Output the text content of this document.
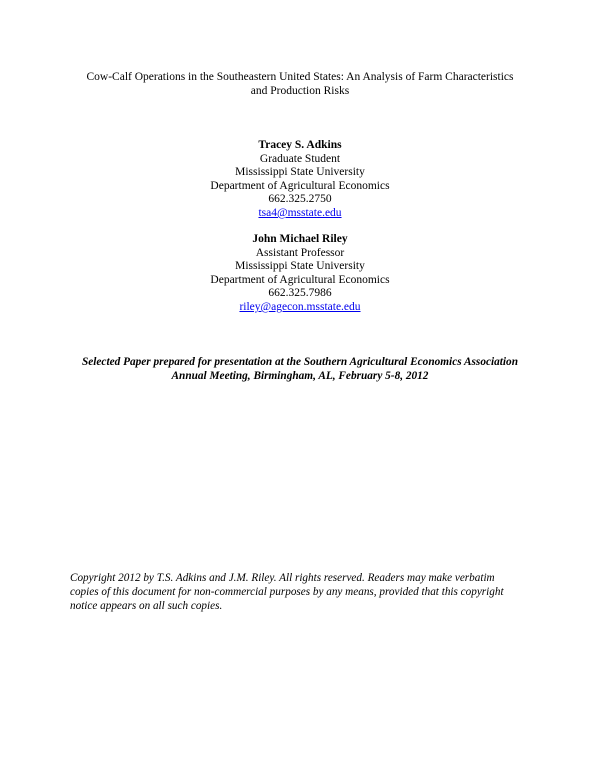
Cow-Calf Operations in the Southeastern United States: An Analysis of Farm Characteristics
and Production Risks
Tracey S. Adkins
Graduate Student
Mississippi State University
Department of Agricultural Economics
662.325.2750
tsa4@msstate.edu
John Michael Riley
Assistant Professor
Mississippi State University
Department of Agricultural Economics
662.325.7986
riley@agecon.msstate.edu
Selected Paper prepared for presentation at the Southern Agricultural Economics Association
Annual Meeting, Birmingham, AL, February 5-8, 2012
Copyright 2012 by T.S. Adkins and J.M. Riley. All rights reserved. Readers may make verbatim
copies of this document for non-commercial purposes by any means, provided that this copyright
notice appears on all such copies.
